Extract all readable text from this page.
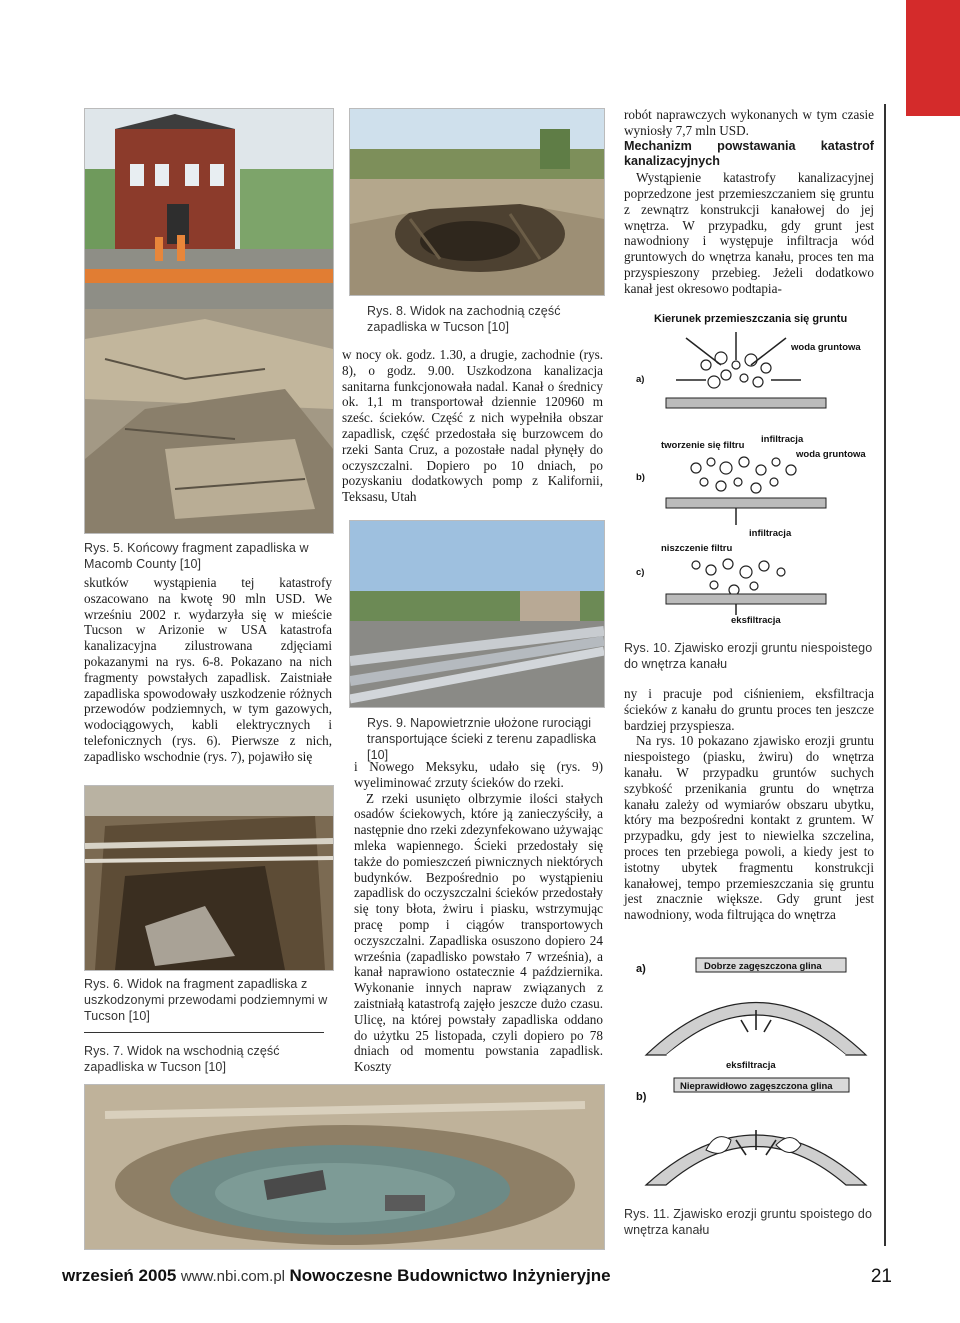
Rys. 5. Końcowy fragment zapadliska w Macomb County [10]
Rys. 8. Widok na zachodnią część zapadliska w Tucson [10]
skutków wystąpienia tej katastrofy oszacowano na kwotę 90 mln USD. We wrześniu 2002 r. wydarzyła się w mieście Tucson w Arizonie w USA katastrofa kanalizacyjna zilustrowana zdjęciami pokazanymi na rys. 6-8. Pokazano na nich fragmenty powstałych zapadlisk. Zaistniałe zapadliska spowodowały uszkodzenie różnych przewodów podziemnych, w tym gazowych, wodociągowych, kabli elektrycznych i telefonicznych (rys. 6). Pierwsze z nich, zapadlisko wschodnie (rys. 7), pojawiło się
Rys. 6. Widok na fragment zapadliska z uszkodzonymi przewodami podziemnymi w Tucson [10]
Rys. 7. Widok na wschodnią część zapadliska w Tucson [10]
w nocy ok. godz. 1.30, a drugie, zachodnie (rys. 8), o godz. 9.00. Uszkodzona kanalizacja sanitarna funkcjonowała nadal. Kanał o średnicy ok. 1,1 m transportował dziennie 120960 m sześc. ścieków. Część z nich wypełniła obszar zapadlisk, część przedostała się burzowcem do rzeki Santa Cruz, a pozostałe nadal płynęły do oczyszczalni. Dopiero po 10 dniach, po pozyskaniu dodatkowych pomp z Kalifornii, Teksasu, Utah
Rys. 9. Napowietrznie ułożone rurociągi transportujące ścieki z terenu zapadliska [10]

i Nowego Meksyku, udało się (rys. 9) wyeliminować zrzuty ścieków do rzeki.

Z rzeki usunięto olbrzymie ilości stałych osadów ściekowych, które ją zanieczyściły, a następnie dno rzeki zdezynfekowano używając mleka wapiennego. Ścieki przedostały się także do pomieszczeń piwnicznych niektórych budynków. Bezpośrednio po wystąpieniu zapadlisk do oczyszczalni ścieków przedostały się tony błota, żwiru i piasku, wstrzymując pracę pomp i ciągów transportowych oczyszczalni. Zapadliska osuszono dopiero 24 września (zapadlisko powstało 7 września), a kanał naprawiono ostatecznie 4 października. Wykonanie innych napraw związanych z zaistniałą katastrofą zajęło jeszcze dużo czasu. Ulicę, na której powstały zapadliska oddano do użytku 25 listopada, czyli dopiero po 78 dniach od momentu powstania zapadlisk. Koszty

robót naprawczych wykonanych w tym czasie wyniosły 7,7 mln USD.

Mechanizm powstawania katastrof kanalizacyjnych

Wystąpienie katastrofy kanalizacyjnej poprzedzone jest przemieszczaniem się gruntu z zewnątrz konstrukcji kanałowej do jej wnętrza. W przypadku, gdy grunt jest nawodniony i występuje infiltracja wód gruntowych do wnętrza kanału, proces ten ma przyspieszony przebieg. Jeżeli dodatkowo kanał jest okresowo podtapia-

Kierunek przemieszczania się gruntu
a)
b)
c)
woda gruntowa
woda gruntowa
tworzenie się filtru
infiltracja
infiltracja
niszczenie filtru
eksfiltracja
Rys. 10. Zjawisko erozji gruntu niespoistego do wnętrza kanału

ny i pracuje pod ciśnieniem, eksfiltracja ścieków z kanału do gruntu proces ten jeszcze bardziej przyspiesza.

Na rys. 10 pokazano zjawisko erozji gruntu niespoistego (piasku, żwiru) do wnętrza kanału. W przypadku gruntów suchych szybkość przenikania gruntu do wnętrza kanału zależy od wymiarów obszaru ubytku, który ma bezpośredni kontakt z gruntem. W przypadku, gdy jest to niewielka szczelina, proces ten przebiega powoli, a kiedy jest to istotny ubytek fragmentu konstrukcji kanałowej, tempo przemieszczania się gruntu jest znacznie większe. Gdy grunt jest nawodniony, woda filtrująca do wnętrza

a)
b)
Dobrze zagęszczona glina
Nieprawidłowo zagęszczona glina
eksfiltracja
Rys. 11. Zjawisko erozji gruntu spoistego do wnętrza kanału
wrzesień 2005 www.nbi.com.pl Nowoczesne Budownictwo Inżynieryjne	21
